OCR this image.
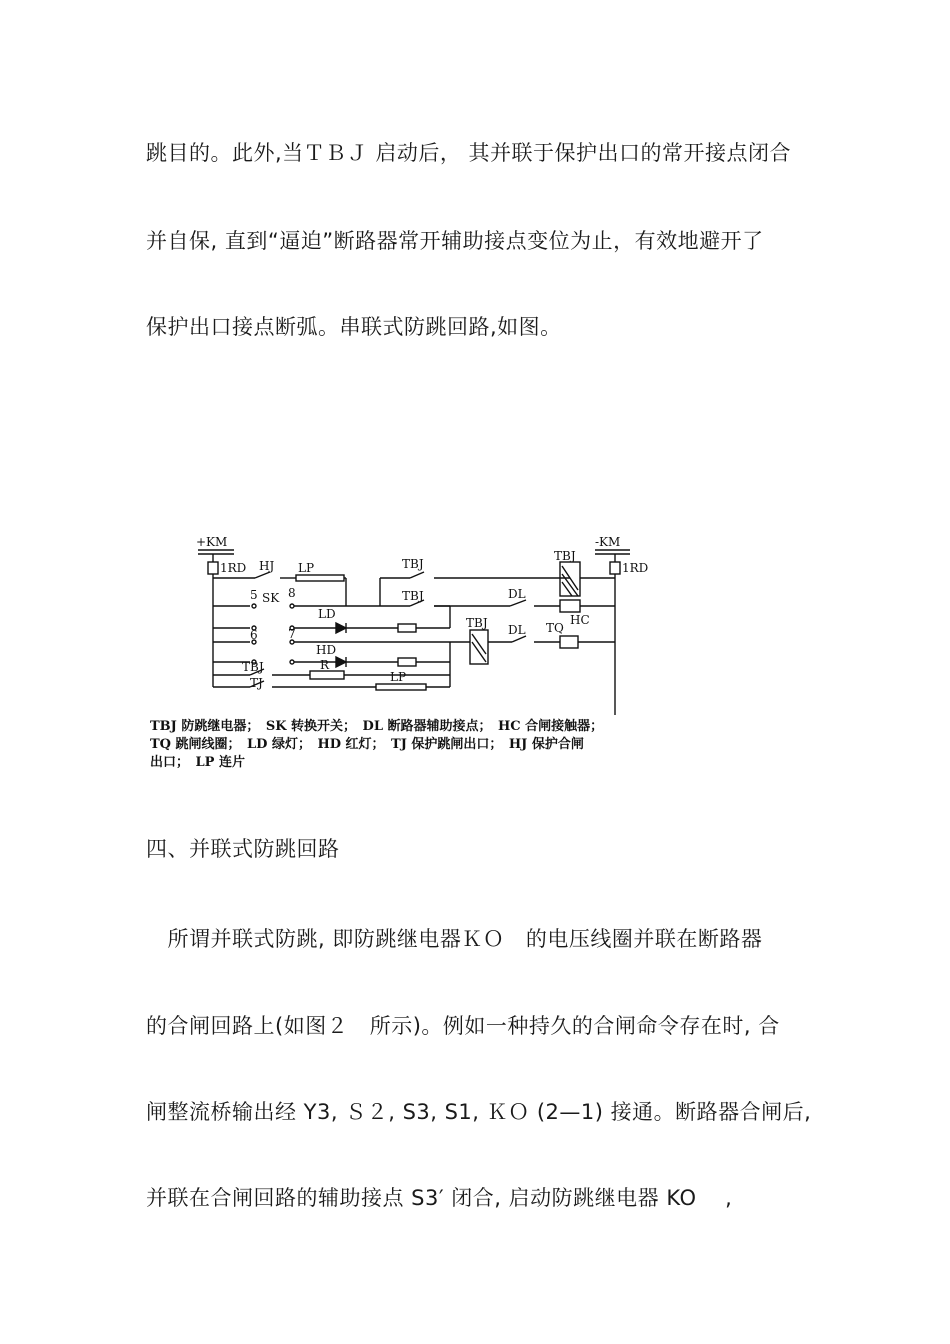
跳目的。此外,当ＴＢＪ 启动后， 其并联于保护出口的常开接点闭合
并自保, 直到“逼迫”断路器常开辅助接点变位为止，有效地避开了
保护出口接点断弧。串联式防跳回路,如图。
+KM	-KM
1RD	1RD
HJ LP	TBJ
TBJ
5 SK 8	TBJ	DL
HC
LD
TBJ
6	7	DL TQ
HD
TBJ	R
TJ	LP
TBJ 防跳继电器；　SK 转换开关；　DL 断路器辅助接点；　HC 合闸接触器；
TQ 跳闸线圈；　LD 绿灯；　HD 红灯；　TJ 保护跳闸出口；　HJ 保护合闸
出口；　LP 连片
四、并联式防跳回路
　所谓并联式防跳, 即防跳继电器ＫＯ　的电压线圈并联在断路器
的合闸回路上(如图２　所示)。例如一种持久的合闸命令存在时, 合
闸整流桥输出经 Y3, Ｓ２, S3, S1, ＫＯ (2—1) 接通。断路器合闸后,
并联在合闸回路的辅助接点 S3′ 闭合, 启动防跳继电器 KO　 ,
